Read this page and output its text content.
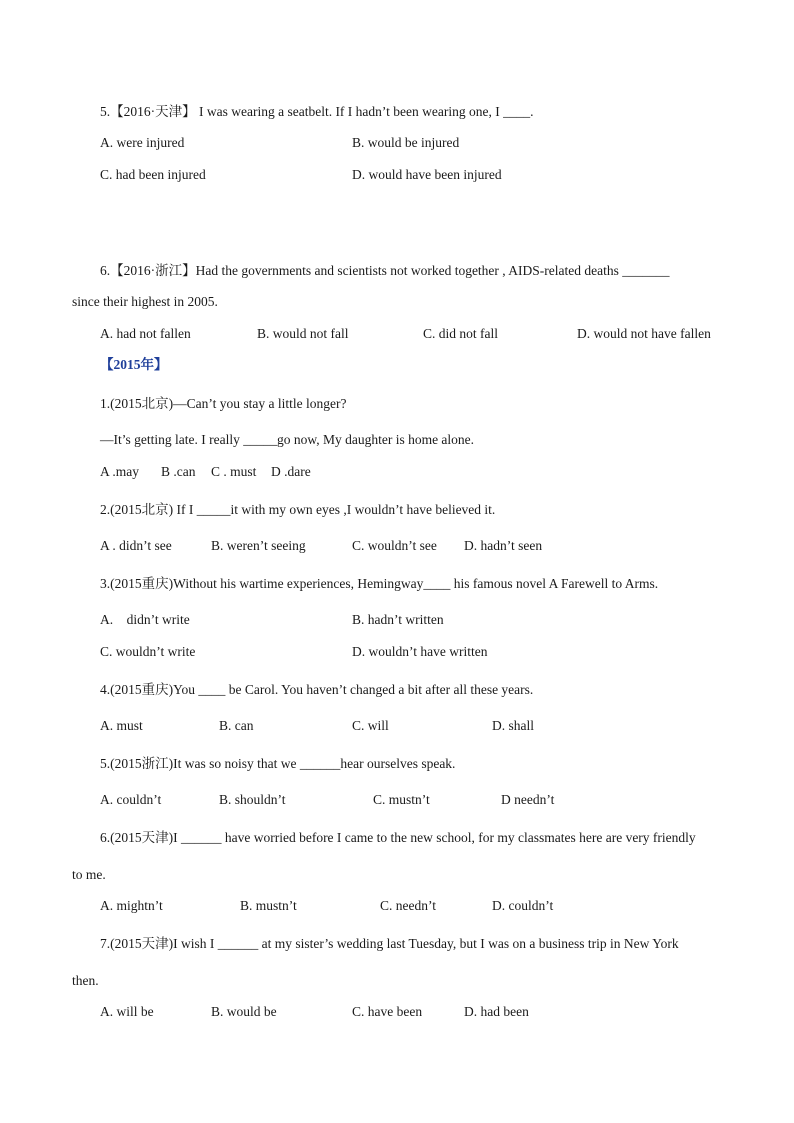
5.【2016·天津】 I was wearing a seatbelt. If I hadn’t been wearing one, I ____.
A. were injured	B. would be injured
C. had been injured	D. would have been injured
6.【2016·浙江】Had the governments and scientists not worked together , AIDS-related deaths _______
since their highest in 2005.
A. had not fallen	B. would not fall	C. did not fall	D. would not have fallen
【2015年】
1.(2015北京)—Can’t you stay a little longer?
—It’s getting late. I really _____go now, My daughter is home alone.
A .may B .can C . must D .dare
2.(2015北京) If I _____it with my own eyes ,I wouldn’t have believed it.
A . didn’t see	B. weren’t seeing	C. wouldn’t see D. hadn’t seen
3.(2015重庆)Without his wartime experiences, Hemingway____ his famous novel A Farewell to Arms.
A.    didn’t write	B. hadn’t written
C. wouldn’t write	D. wouldn’t have written
4.(2015重庆)You ____ be Carol. You haven’t changed a bit after all these years.
A. must	B. can	C. will	D. shall
5.(2015浙江)It was so noisy that we ______hear ourselves speak.
A. couldn’t	B. shouldn’t	C. mustn’t	D needn’t
6.(2015天津)I ______ have worried before I came to the new school, for my classmates here are very friendly
to me.
A. mightn’t	B. mustn’t	C. needn’t	D. couldn’t
7.(2015天津)I wish I ______ at my sister’s wedding last Tuesday, but I was on a business trip in New York
then.
A. will be	B. would be	C. have been	D. had been
